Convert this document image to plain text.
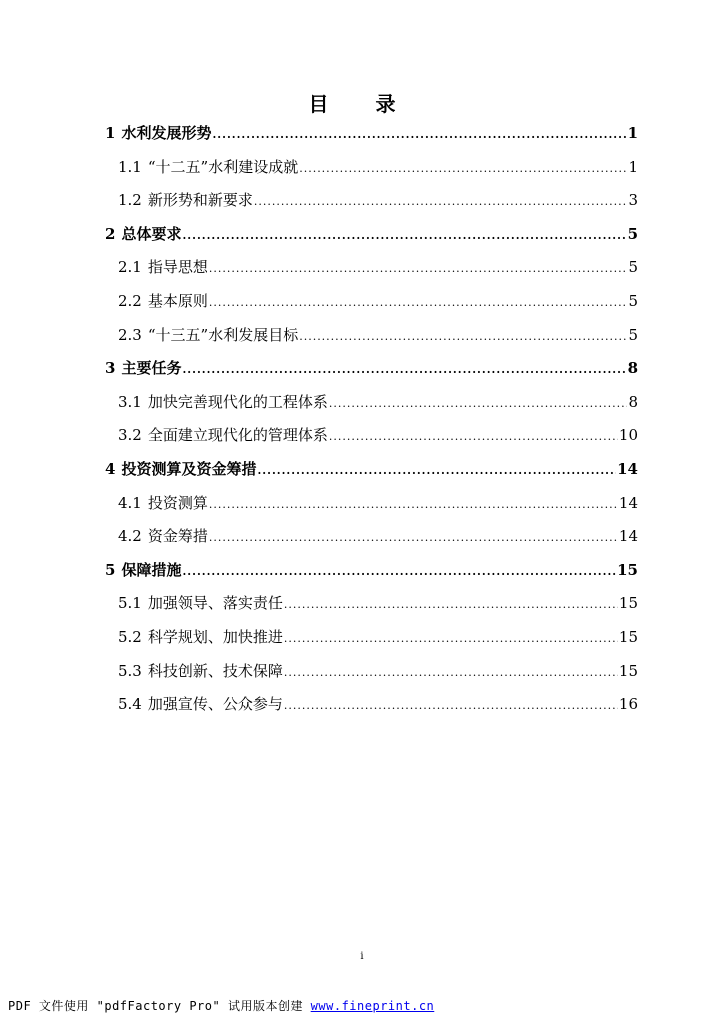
目 录
1 水利发展形势 .....	1
1.1 “十二五”水利建设成就 .....	1
1.2 新形势和新要求 .....	3
2 总体要求 .....	5
2.1 指导思想 .....	5
2.2 基本原则 .....	5
2.3 “十三五”水利发展目标 .....	5
3 主要任务 .....	8
3.1 加快完善现代化的工程体系 .....	8
3.2 全面建立现代化的管理体系 .....	10
4 投资测算及资金筹措 .....	14
4.1 投资测算 .....	14
4.2 资金筹措 .....	14
5 保障措施 .....	15
5.1 加强领导、落实责任 .....	15
5.2 科学规划、加快推进 .....	15
5.3 科技创新、技术保障 .....	15
5.4 加强宣传、公众参与 .....	16
i
PDF 文件使用 "pdfFactory Pro" 试用版本创建 www.fineprint.cn
